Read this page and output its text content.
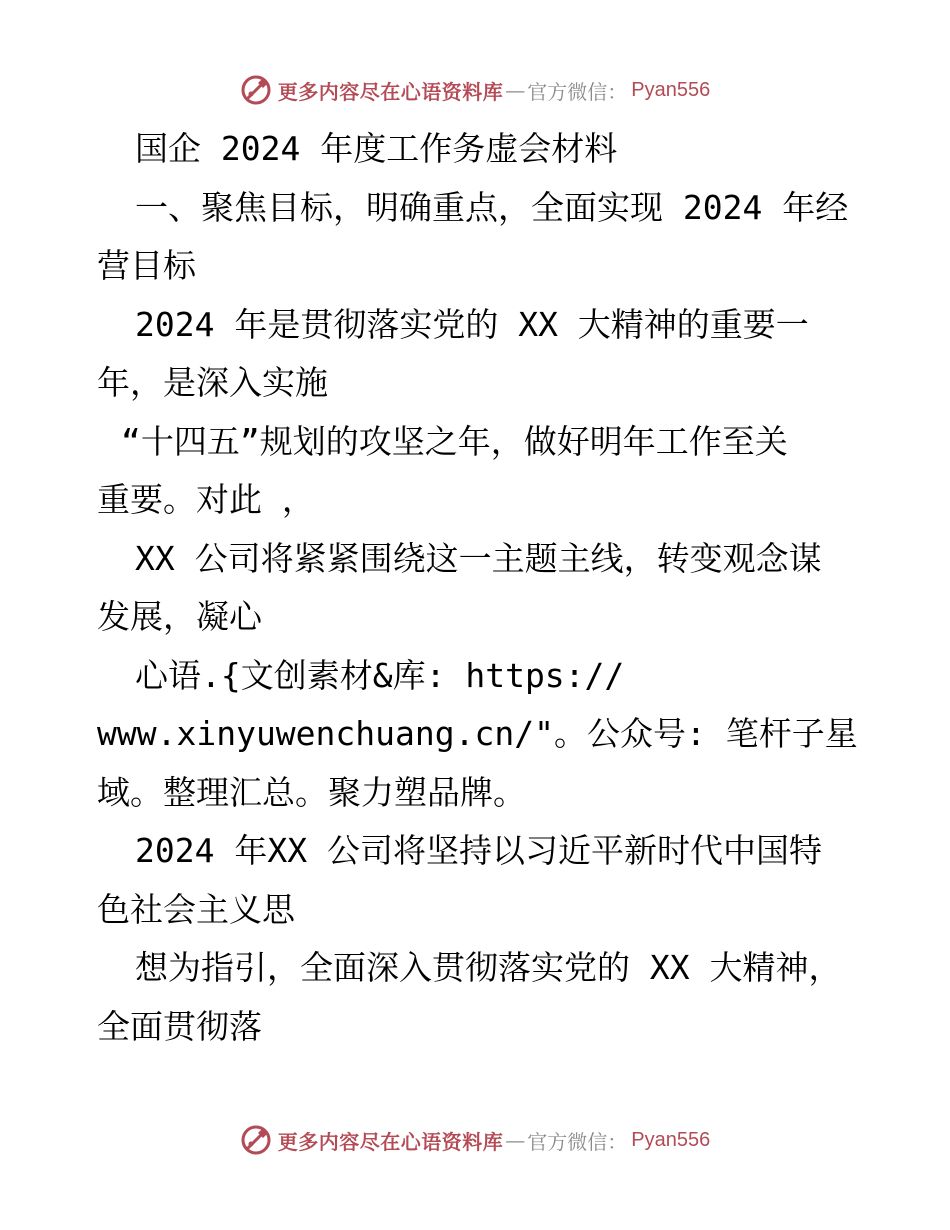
更多内容尽在心语资料库 — 官方微信： Pyan556
国企 2024 年度工作务虚会材料
一、聚焦目标，明确重点，全面实现 2024 年经
营目标
2024 年是贯彻落实党的 XX 大精神的重要一
年，是深入实施
“十四五”规划的攻坚之年，做好明年工作至关
重要。对此 ，
XX 公司将紧紧围绕这一主题主线，转变观念谋
发展，凝心
心语.{文创素材&库: https://
www.xinyuwenchuang.cn/"。公众号: 笔杆子星
域。整理汇总。聚力塑品牌。
2024 年XX 公司将坚持以习近平新时代中国特
色社会主义思
想为指引，全面深入贯彻落实党的 XX 大精神，
全面贯彻落
更多内容尽在心语资料库 — 官方微信： Pyan556
